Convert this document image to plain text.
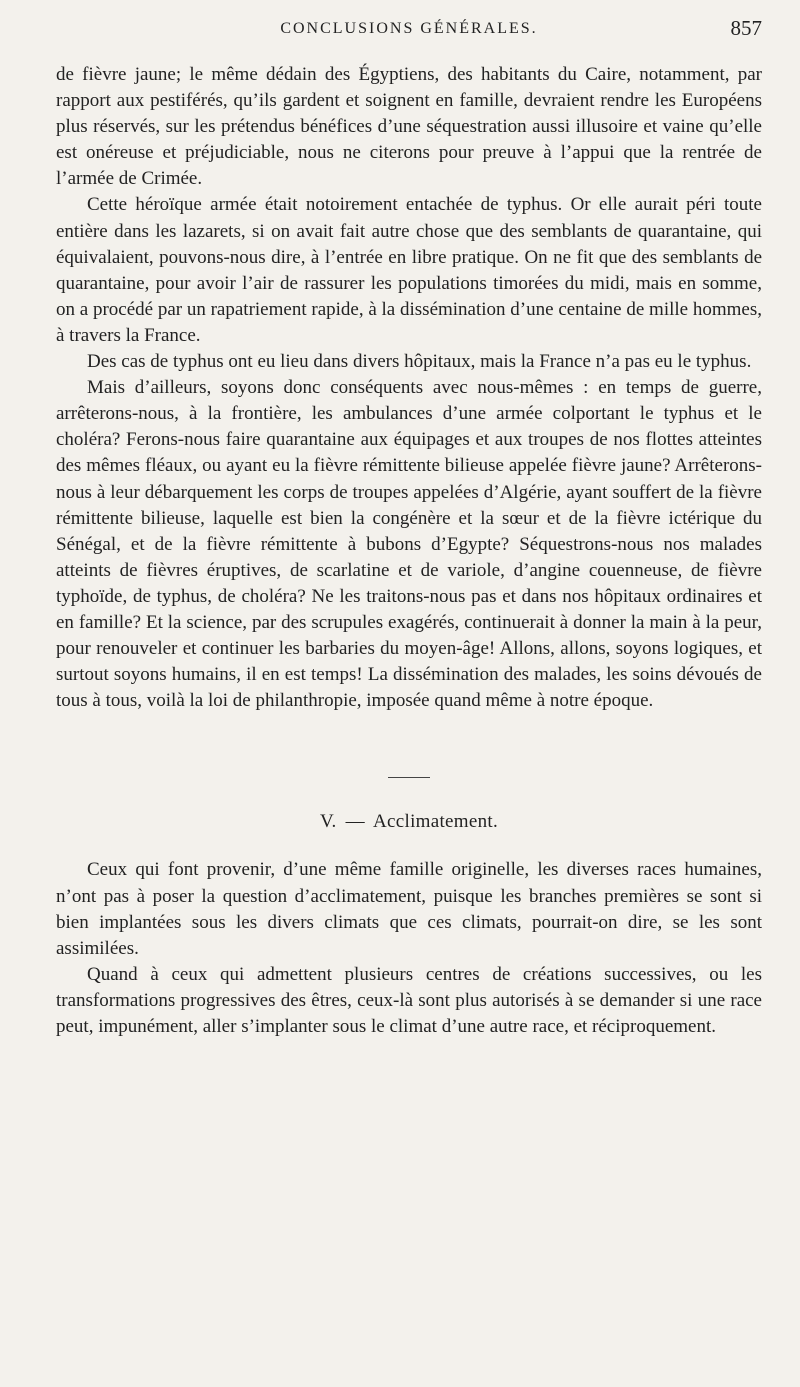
CONCLUSIONS GÉNÉRALES.	857

de fièvre jaune; le même dédain des Égyptiens, des habitants du Caire, notamment, par rapport aux pestiférés, qu’ils gardent et soignent en famille, devraient rendre les Européens plus réservés, sur les prétendus bénéfices d’une séquestration aussi illusoire et vaine qu’elle est onéreuse et préjudiciable, nous ne citerons pour preuve à l’appui que la rentrée de l’armée de Crimée.

Cette héroïque armée était notoirement entachée de typhus. Or elle aurait péri toute entière dans les lazarets, si on avait fait autre chose que des semblants de quarantaine, qui équivalaient, pouvons-nous dire, à l’entrée en libre pratique. On ne fit que des semblants de quarantaine, pour avoir l’air de rassurer les populations timorées du midi, mais en somme, on a procédé par un rapatriement rapide, à la dissémination d’une centaine de mille hommes, à travers la France.

Des cas de typhus ont eu lieu dans divers hôpitaux, mais la France n’a pas eu le typhus.

Mais d’ailleurs, soyons donc conséquents avec nous-mêmes : en temps de guerre, arrêterons-nous, à la frontière, les ambulances d’une armée colportant le typhus et le choléra? Ferons-nous faire quarantaine aux équipages et aux troupes de nos flottes atteintes des mêmes fléaux, ou ayant eu la fièvre rémittente bilieuse appelée fièvre jaune? Arrêterons-nous à leur débarquement les corps de troupes appelées d’Algérie, ayant souffert de la fièvre rémittente bilieuse, laquelle est bien la congénère et la sœur et de la fièvre ictérique du Sénégal, et de la fièvre rémittente à bubons d’Egypte? Séquestrons-nous nos malades atteints de fièvres éruptives, de scarlatine et de variole, d’angine couenneuse, de fièvre typhoïde, de typhus, de choléra? Ne les traitons-nous pas et dans nos hôpitaux ordinaires et en famille? Et la science, par des scrupules exagérés, continuerait à donner la main à la peur, pour renouveler et continuer les barbaries du moyen-âge! Allons, allons, soyons logiques, et surtout soyons humains, il en est temps! La dissémination des malades, les soins dévoués de tous à tous, voilà la loi de philanthropie, imposée quand même à notre époque.

V. — Acclimatement.

Ceux qui font provenir, d’une même famille originelle, les diverses races humaines, n’ont pas à poser la question d’acclimatement, puisque les branches premières se sont si bien implantées sous les divers climats que ces climats, pourrait-on dire, se les sont assimilées.

Quand à ceux qui admettent plusieurs centres de créations successives, ou les transformations progressives des êtres, ceux-là sont plus autorisés à se demander si une race peut, impunément, aller s’implanter sous le climat d’une autre race, et réciproquement.
